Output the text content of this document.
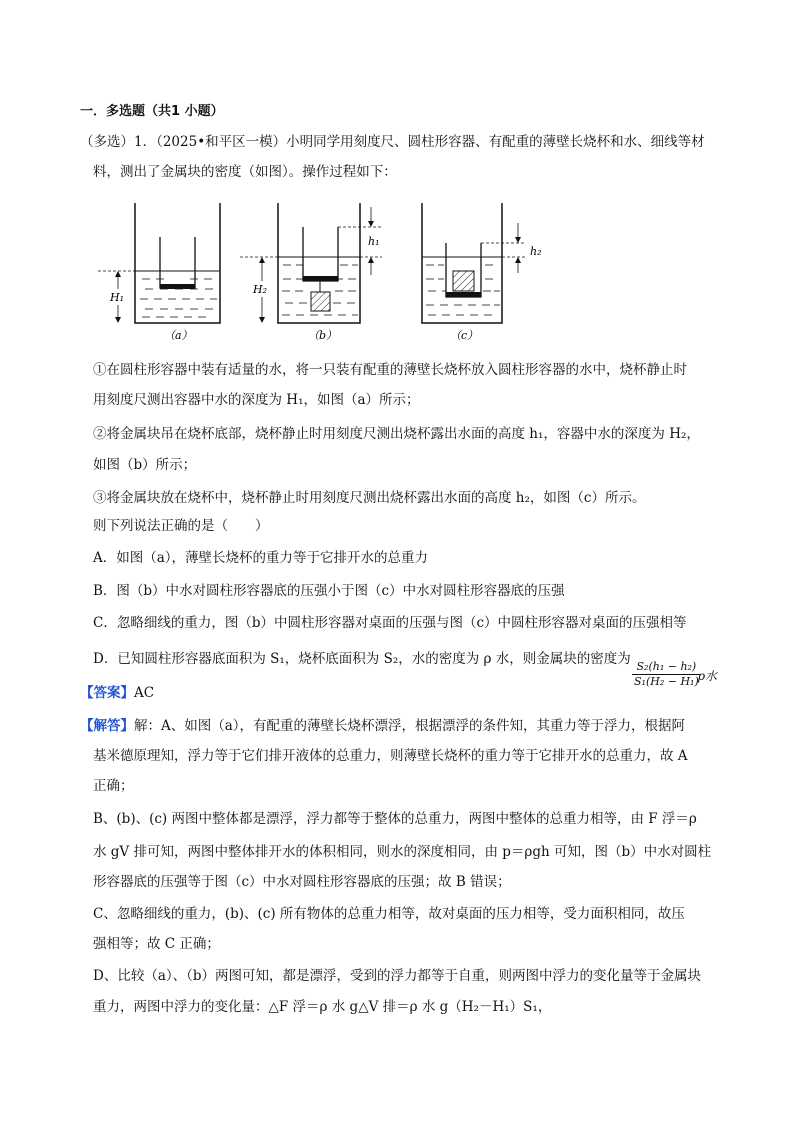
一．多选题（共1 小题）
（多选）1．（2025•和平区一模）小明同学用刻度尺、圆柱形容器、有配重的薄壁长烧杯和水、细线等材
料，测出了金属块的密度（如图）。操作过程如下：
H₁
（a）
h₁
H₂
（b）
h₂
（c）
①在圆柱形容器中装有适量的水，将一只装有配重的薄壁长烧杯放入圆柱形容器的水中，烧杯静止时
用刻度尺测出容器中水的深度为 H₁，如图（a）所示；
②将金属块吊在烧杯底部，烧杯静止时用刻度尺测出烧杯露出水面的高度 h₁，容器中水的深度为 H₂，
如图（b）所示；
③将金属块放在烧杯中，烧杯静止时用刻度尺测出烧杯露出水面的高度 h₂，如图（c）所示。
则下列说法正确的是（　　）
A．如图（a），薄壁长烧杯的重力等于它排开水的总重力
B．图（b）中水对圆柱形容器底的压强小于图（c）中水对圆柱形容器底的压强
C．忽略细线的重力，图（b）中圆柱形容器对桌面的压强与图（c）中圆柱形容器对桌面的压强相等
D．已知圆柱形容器底面积为 S₁，烧杯底面积为 S₂，水的密度为 ρ 水，则金属块的密度为
$\frac{\text{S₂(h₁ − h₂)}}{\text{S₁(H₂ − H₁)}}$
ρ水
【答案】AC
【解答】解：A、如图（a），有配重的薄壁长烧杯漂浮，根据漂浮的条件知，其重力等于浮力，根据阿
基米德原理知，浮力等于它们排开液体的总重力，则薄壁长烧杯的重力等于它排开水的总重力，故 A
正确；
B、(b)、(c) 两图中整体都是漂浮，浮力都等于整体的总重力，两图中整体的总重力相等，由 F 浮＝ρ
水 gV 排可知，两图中整体排开水的体积相同，则水的深度相同，由 p＝ρgh 可知，图（b）中水对圆柱
形容器底的压强等于图（c）中水对圆柱形容器底的压强；故 B 错误；
C、忽略细线的重力，(b)、(c) 所有物体的总重力相等，故对桌面的压力相等，受力面积相同，故压
强相等；故 C 正确；
D、比较（a）、（b）两图可知，都是漂浮，受到的浮力都等于自重，则两图中浮力的变化量等于金属块
重力，两图中浮力的变化量：△F 浮＝ρ 水 g△V 排＝ρ 水 g（H₂－H₁）S₁，
